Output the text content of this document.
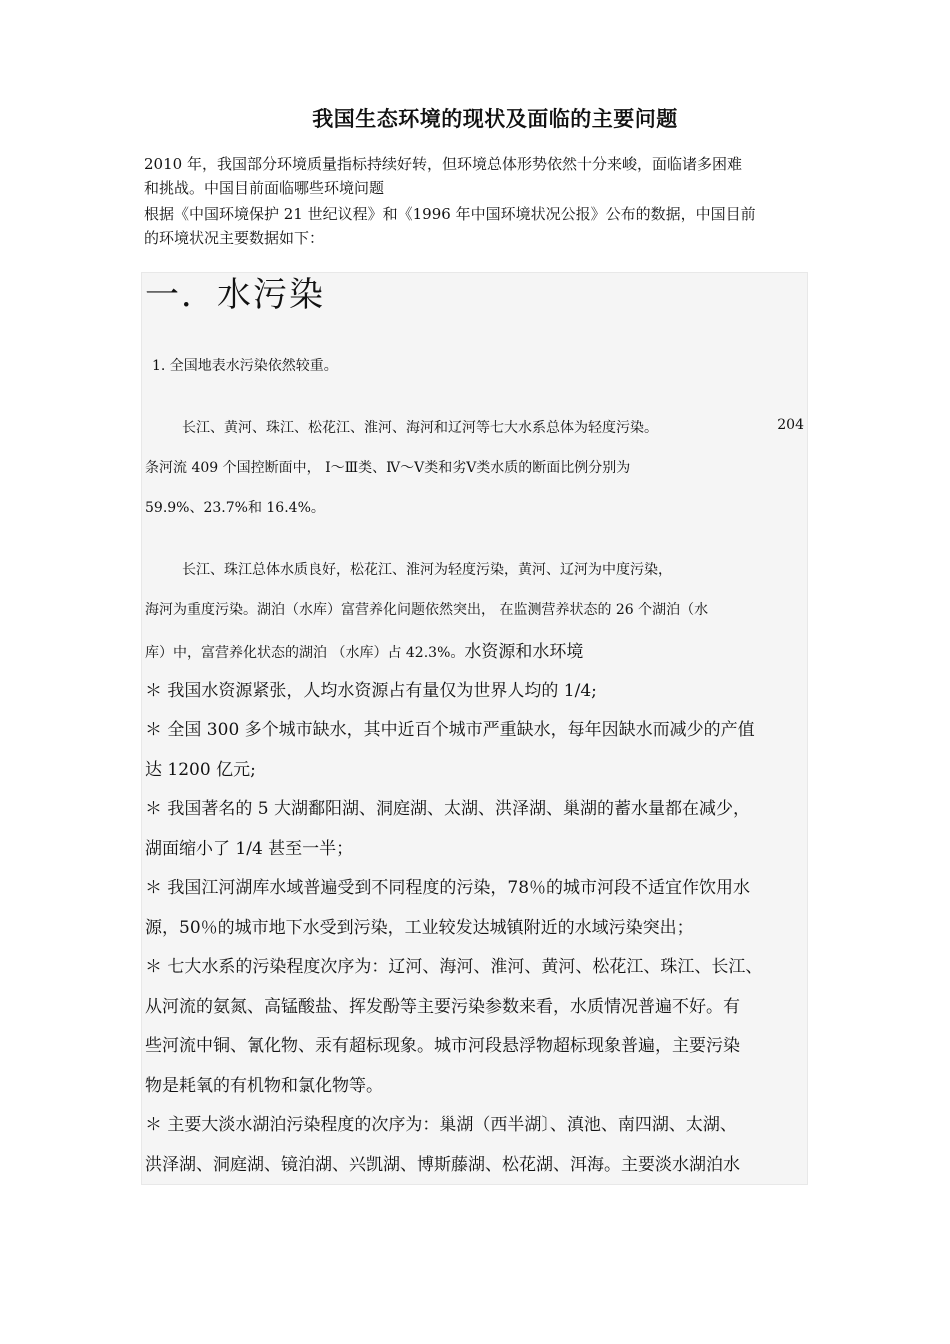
我国生态环境的现状及面临的主要问题

2010 年，我国部分环境质量指标持续好转，但环境总体形势依然十分来峻，面临诸多困难

和挑战。中国目前面临哪些环境问题

根据《中国环境保护 21 世纪议程》和《1996 年中国环境状况公报》公布的数据，中国目前

的环境状况主要数据如下：

一．水污染
1. 全国地表水污染依然较重。
长江、黄河、珠江、松花江、淮河、海河和辽河等七大水系总体为轻度污染。	204
条河流 409 个国控断面中， Ⅰ～Ⅲ类、Ⅳ～Ⅴ类和劣Ⅴ类水质的断面比例分别为
59.9%、23.7%和 16.4%。
长江、珠江总体水质良好，松花江、淮河为轻度污染，黄河、辽河为中度污染，
海河为重度污染。湖泊（水库）富营养化问题依然突出， 在监测营养状态的 26 个湖泊（水
库）中，富营养化状态的湖泊 （水库）占 42.3%。水资源和水环境
＊ 我国水资源紧张，人均水资源占有量仅为世界人均的 1/4;
＊ 全国 300 多个城市缺水，其中近百个城市严重缺水，每年因缺水而减少的产值
达 1200 亿元;
＊ 我国著名的 5 大湖鄱阳湖、洞庭湖、太湖、洪泽湖、巢湖的蓄水量都在减少，
湖面缩小了 1/4 甚至一半；
＊ 我国江河湖库水域普遍受到不同程度的污染，78％的城市河段不适宜作饮用水
源，50％的城市地下水受到污染，工业较发达城镇附近的水域污染突出；
＊ 七大水系的污染程度次序为：辽河、海河、淮河、黄河、松花江、珠江、长江、
从河流的氨氮、高锰酸盐、挥发酚等主要污染参数来看，水质情况普遍不好。有
些河流中铜、氰化物、汞有超标现象。城市河段悬浮物超标现象普遍，主要污染
物是耗氧的有机物和氯化物等。
＊ 主要大淡水湖泊污染程度的次序为：巢湖（西半湖〕、滇池、南四湖、太湖、
洪泽湖、洞庭湖、镜泊湖、兴凯湖、博斯藤湖、松花湖、洱海。主要淡水湖泊水
